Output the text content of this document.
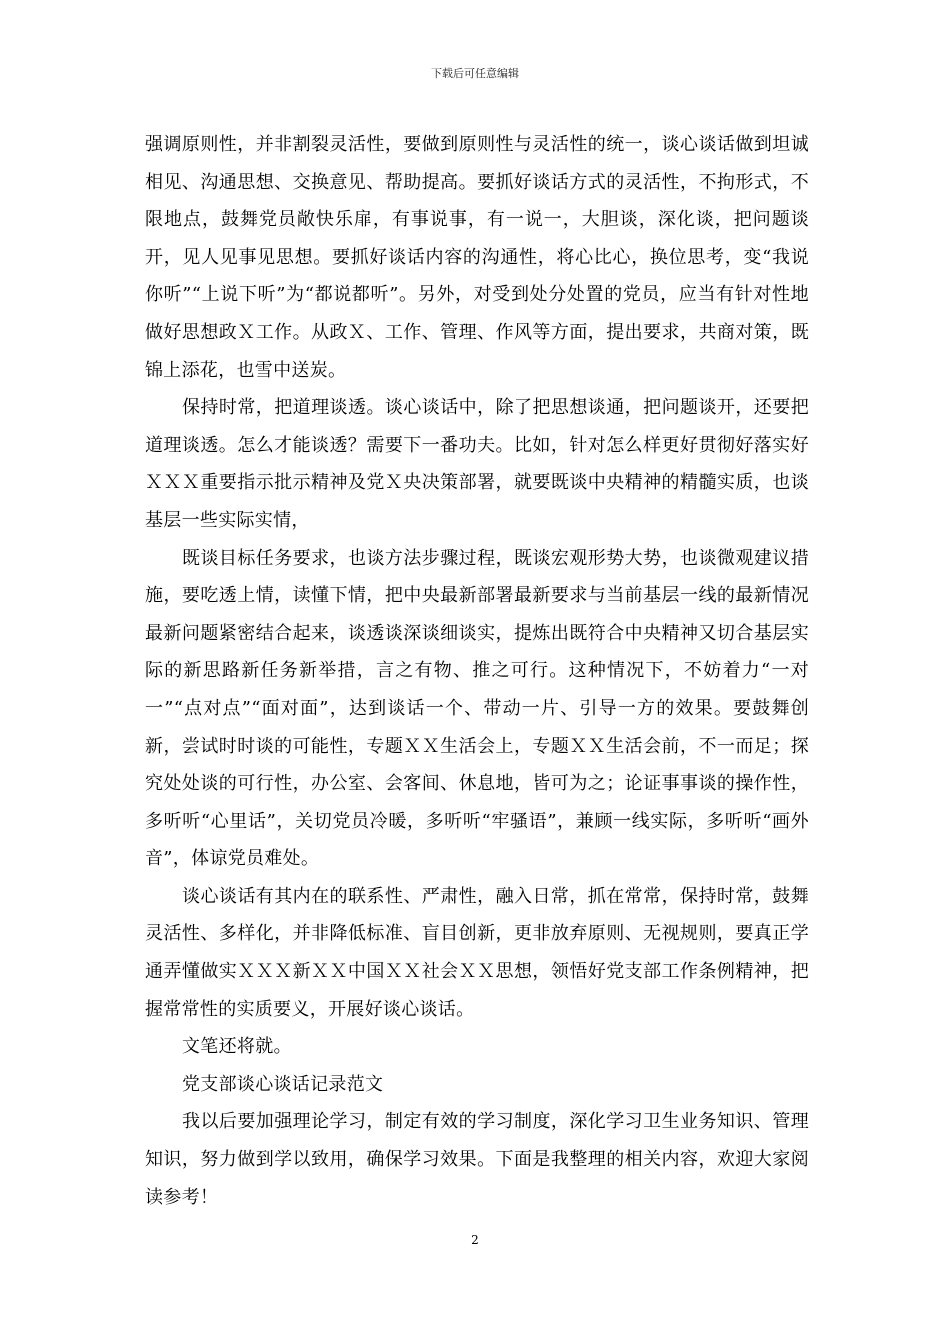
下载后可任意编辑

强调原则性，并非割裂灵活性，要做到原则性与灵活性的统一，谈心谈话做到坦诚相见、沟通思想、交换意见、帮助提高。要抓好谈话方式的灵活性，不拘形式，不限地点，鼓舞党员敞快乐扉，有事说事，有一说一，大胆谈，深化谈，把问题谈开，见人见事见思想。要抓好谈话内容的沟通性，将心比心，换位思考，变“我说你听”“上说下听”为“都说都听”。另外，对受到处分处置的党员，应当有针对性地做好思想政Ｘ工作。从政Ｘ、工作、管理、作风等方面，提出要求，共商对策，既锦上添花，也雪中送炭。

保持时常，把道理谈透。谈心谈话中，除了把思想谈通，把问题谈开，还要把道理谈透。怎么才能谈透？需要下一番功夫。比如，针对怎么样更好贯彻好落实好ＸＸＸ重要指示批示精神及党Ｘ央决策部署，就要既谈中央精神的精髓实质，也谈基层一些实际实情，

既谈目标任务要求，也谈方法步骤过程，既谈宏观形势大势，也谈微观建议措施，要吃透上情，读懂下情，把中央最新部署最新要求与当前基层一线的最新情况最新问题紧密结合起来，谈透谈深谈细谈实，提炼出既符合中央精神又切合基层实际的新思路新任务新举措，言之有物、推之可行。这种情况下，不妨着力“一对一”“点对点”“面对面”，达到谈话一个、带动一片、引导一方的效果。要鼓舞创新，尝试时时谈的可能性，专题ＸＸ生活会上，专题ＸＸ生活会前，不一而足；探究处处谈的可行性，办公室、会客间、休息地，皆可为之；论证事事谈的操作性，多听听“心里话”，关切党员冷暖，多听听“牢骚语”，兼顾一线实际，多听听“画外音”，体谅党员难处。

谈心谈话有其内在的联系性、严肃性，融入日常，抓在常常，保持时常，鼓舞灵活性、多样化，并非降低标准、盲目创新，更非放弃原则、无视规则，要真正学通弄懂做实ＸＸＸ新ＸＸ中国ＸＸ社会ＸＸ思想，领悟好党支部工作条例精神，把握常常性的实质要义，开展好谈心谈话。

文笔还将就。

党支部谈心谈话记录范文

我以后要加强理论学习，制定有效的学习制度，深化学习卫生业务知识、管理知识，努力做到学以致用，确保学习效果。下面是我整理的相关内容，欢迎大家阅读参考！

2
